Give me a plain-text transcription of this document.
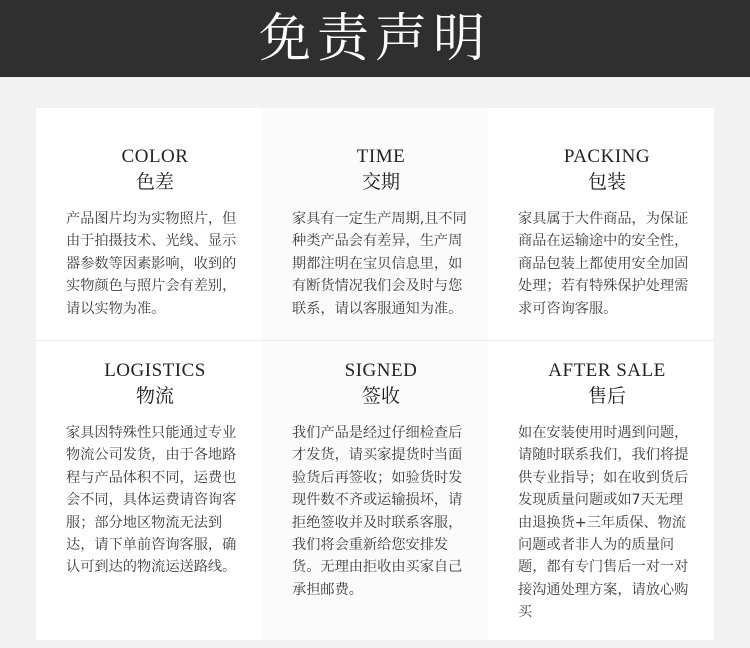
免责声明

COLOR

色差

产品图片均为实物照片，但由于拍摄技术、光线、显示器参数等因素影响，收到的实物颜色与照片会有差别，请以实物为准。

TIME

交期

家具有一定生产周期,且不同种类产品会有差异，生产周期都注明在宝贝信息里，如有断货情况我们会及时与您联系，请以客服通知为准。

PACKING

包装

家具属于大件商品，为保证商品在运输途中的安全性，商品包装上都使用安全加固处理；若有特殊保护处理需求可咨询客服。

LOGISTICS

物流

家具因特殊性只能通过专业物流公司发货，由于各地路程与产品体积不同，运费也会不同，具体运费请咨询客服；部分地区物流无法到达，请下单前咨询客服，确认可到达的物流运送路线。

SIGNED

签收

我们产品是经过仔细检查后才发货，请买家提货时当面验货后再签收；如验货时发现件数不齐或运输损坏，请拒绝签收并及时联系客服，我们将会重新给您安排发货。无理由拒收由买家自己承担邮费。

AFTER SALE

售后

如在安装使用时遇到问题，请随时联系我们，我们将提供专业指导；如在收到货后发现质量问题或如7天无理由退换货+三年质保、物流问题或者非人为的质量问题，都有专门售后一对一对接沟通处理方案，请放心购买
